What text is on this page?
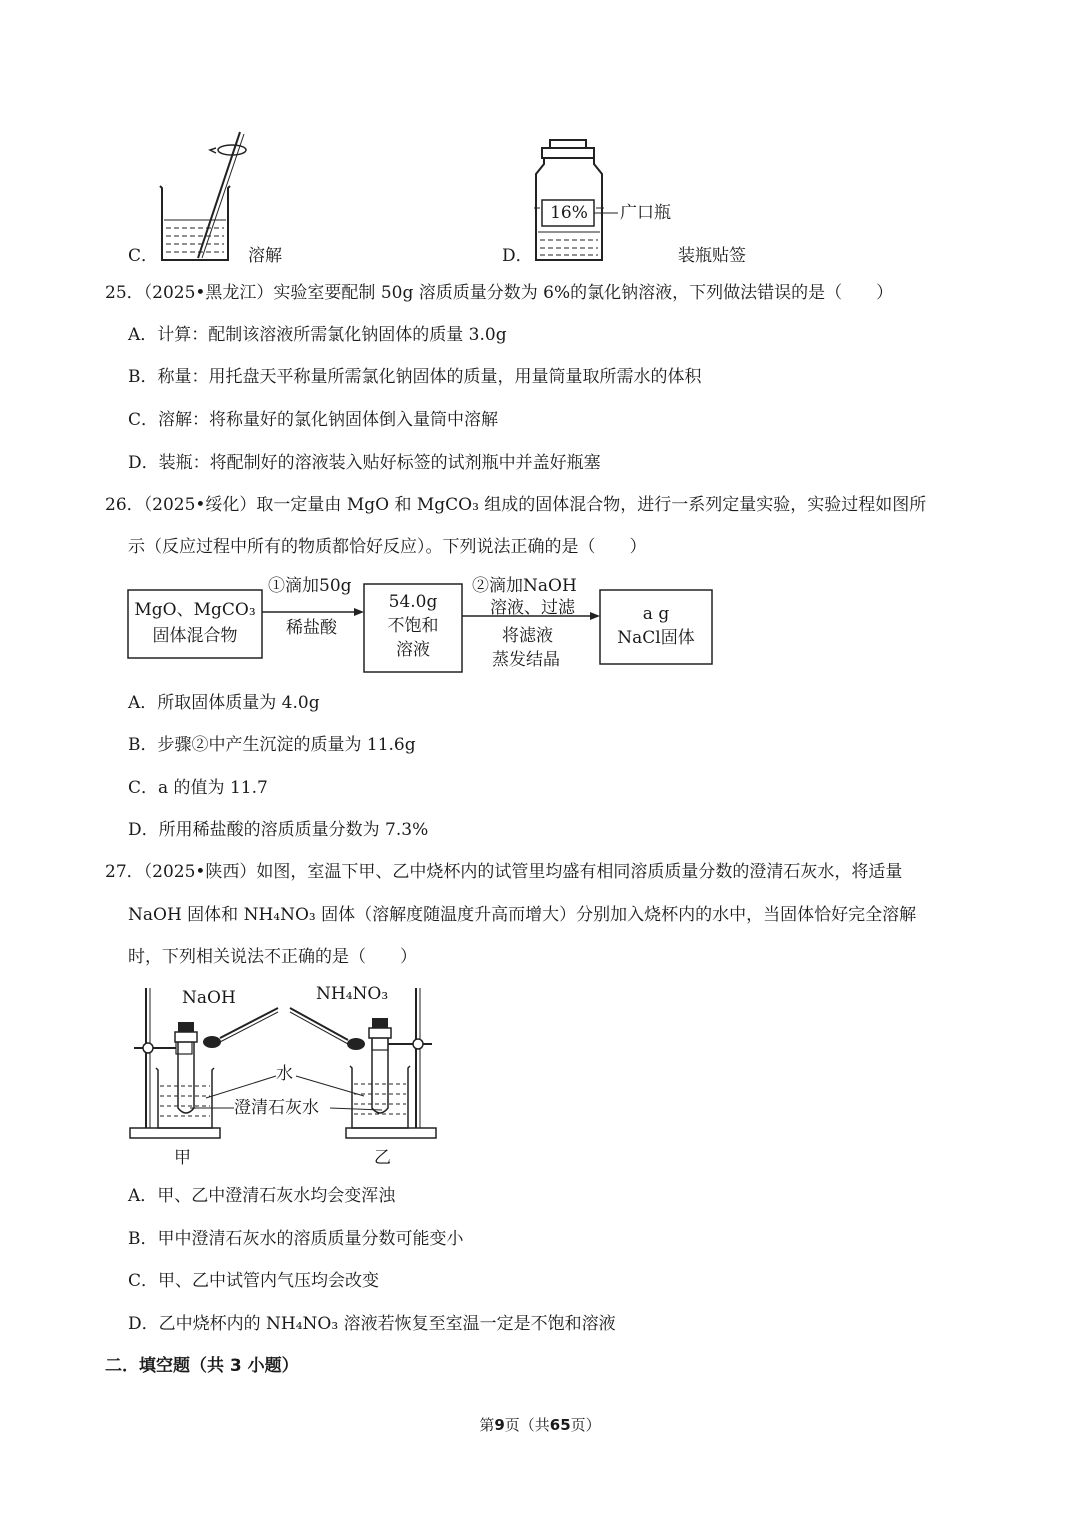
C．	溶解
16%	广口瓶
D．	装瓶贴签
25．（2025•黑龙江）实验室要配制 50g 溶质质量分数为 6%的氯化钠溶液，下列做法错误的是（　　）
A．计算：配制该溶液所需氯化钠固体的质量 3.0g
B．称量：用托盘天平称量所需氯化钠固体的质量，用量筒量取所需水的体积
C．溶解：将称量好的氯化钠固体倒入量筒中溶解
D．装瓶：将配制好的溶液装入贴好标签的试剂瓶中并盖好瓶塞
26．（2025•绥化）取一定量由 MgO 和 MgCO₃ 组成的固体混合物，进行一系列定量实验，实验过程如图所
示（反应过程中所有的物质都恰好反应）。下列说法正确的是（　　）
MgO、MgCO₃
固体混合物
①滴加50g
稀盐酸
54.0g
不饱和
溶液
②滴加NaOH
溶液、过滤
将滤液
蒸发结晶
a g
NaCl固体
A．所取固体质量为 4.0g
B．步骤②中产生沉淀的质量为 11.6g
C．a 的值为 11.7
D．所用稀盐酸的溶质质量分数为 7.3%
27．（2025•陕西）如图，室温下甲、乙中烧杯内的试管里均盛有相同溶质质量分数的澄清石灰水，将适量
NaOH 固体和 NH₄NO₃ 固体（溶解度随温度升高而增大）分别加入烧杯内的水中，当固体恰好完全溶解
时，下列相关说法不正确的是（　　）
NaOH	NH₄NO₃
水
澄清石灰水
甲	乙
A．甲、乙中澄清石灰水均会变浑浊
B．甲中澄清石灰水的溶质质量分数可能变小
C．甲、乙中试管内气压均会改变
D．乙中烧杯内的 NH₄NO₃ 溶液若恢复至室温一定是不饱和溶液
二．填空题（共 3 小题）
第9页（共65页）
